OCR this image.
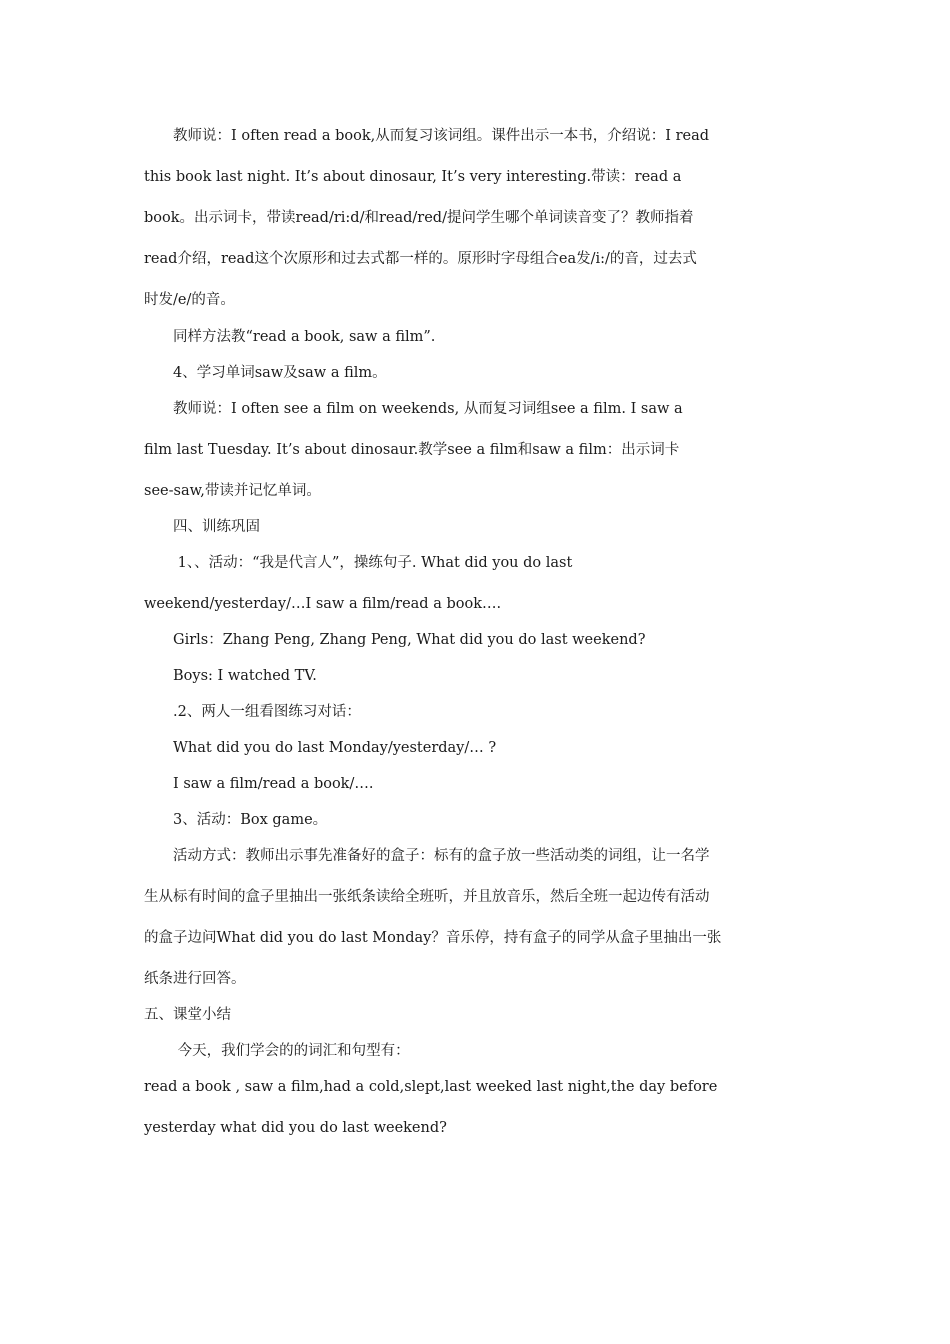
　　教师说：I often read a book,从而复习该词组。课件出示一本书，介绍说：I read
this book last night. It’s about dinosaur, It’s very interesting.带读：read a
book。出示词卡，带读read/ri:d/和read/red/提问学生哪个单词读音变了？教师指着
read介绍，read这个次原形和过去式都一样的。原形时字母组合ea发/i:/的音，过去式
时发/e/的音。
　　同样方法教“read a book, saw a film”.
　　4、学习单词saw及saw a film。
　　教师说：I often see a film on weekends, 从而复习词组see a film. I saw a
film last Tuesday. It’s about dinosaur.教学see a film和saw a film：出示词卡
see-saw,带读并记忆单词。
　　四、训练巩固
　　 1、、活动：“我是代言人”，操练句子. What did you do last
weekend/yesterday/…I saw a film/read a book….
　　Girls：Zhang Peng, Zhang Peng, What did you do last weekend?
　　Boys: I watched TV.
　　.2、两人一组看图练习对话：
　　What did you do last Monday/yesterday/… ?
　　I saw a film/read a book/….
　　3、活动：Box game。
　　活动方式：教师出示事先准备好的盒子：标有的盒子放一些活动类的词组，让一名学
生从标有时间的盒子里抽出一张纸条读给全班听，并且放音乐，然后全班一起边传有活动
的盒子边问What did you do last Monday？音乐停，持有盒子的同学从盒子里抽出一张
纸条进行回答。
五、课堂小结
　　 今天，我们学会的的词汇和句型有：
read a book , saw a film,had a cold,slept,last weeked last night,the day before
yesterday what did you do last weekend?
